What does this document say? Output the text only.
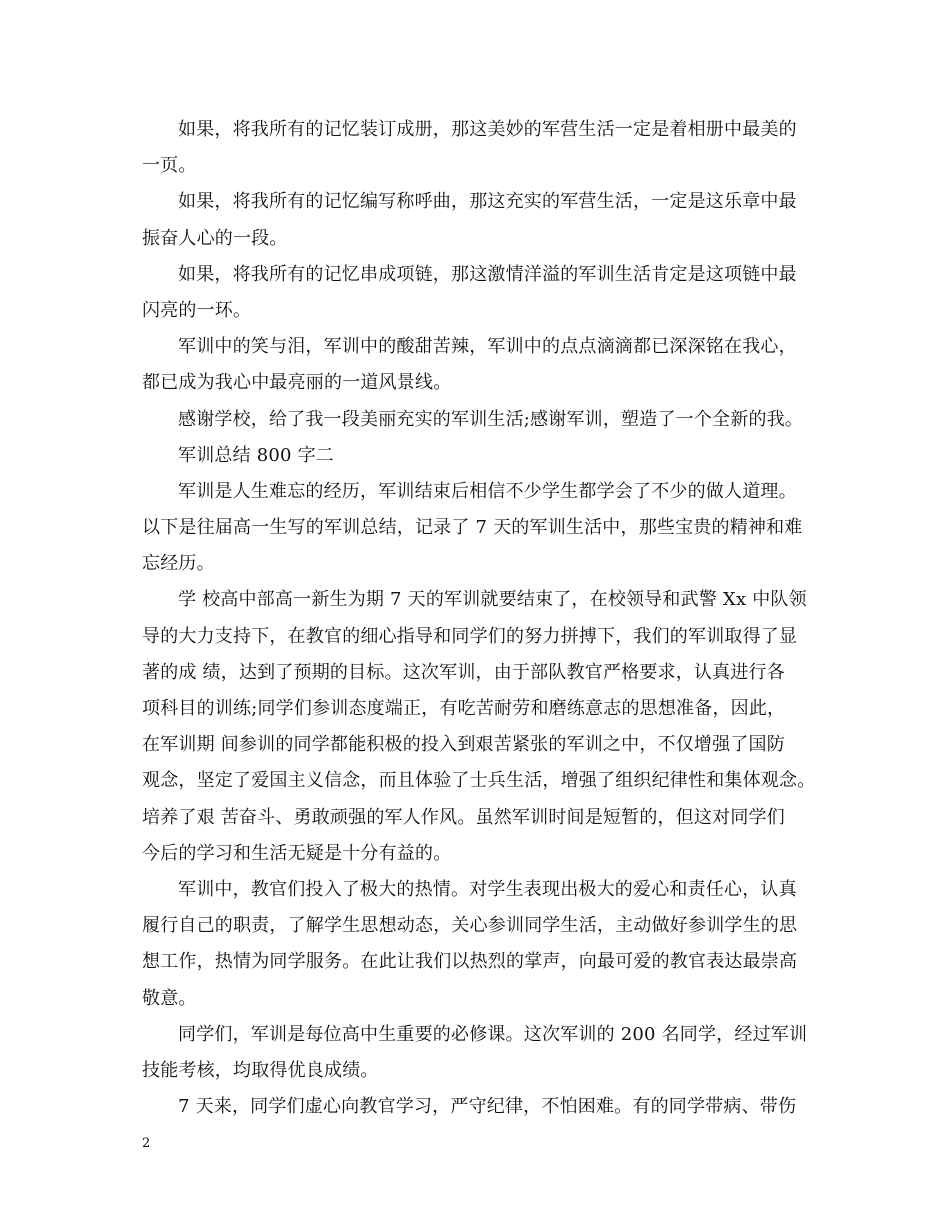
如果，将我所有的记忆装订成册，那这美妙的军营生活一定是着相册中最美的
一页。
如果，将我所有的记忆编写称呼曲，那这充实的军营生活，一定是这乐章中最
振奋人心的一段。
如果，将我所有的记忆串成项链，那这激情洋溢的军训生活肯定是这项链中最
闪亮的一环。
军训中的笑与泪，军训中的酸甜苦辣，军训中的点点滴滴都已深深铭在我心，
都已成为我心中最亮丽的一道风景线。
感谢学校，给了我一段美丽充实的军训生活;感谢军训，塑造了一个全新的我。
军训总结 800 字二
军训是人生难忘的经历，军训结束后相信不少学生都学会了不少的做人道理。
以下是往届高一生写的军训总结，记录了 7 天的军训生活中，那些宝贵的精神和难
忘经历。
学 校高中部高一新生为期 7 天的军训就要结束了，在校领导和武警 Xx 中队领
导的大力支持下，在教官的细心指导和同学们的努力拼搏下，我们的军训取得了显
著的成 绩，达到了预期的目标。这次军训，由于部队教官严格要求，认真进行各
项科目的训练;同学们参训态度端正，有吃苦耐劳和磨练意志的思想准备，因此，
在军训期 间参训的同学都能积极的投入到艰苦紧张的军训之中，不仅增强了国防
观念，坚定了爱国主义信念，而且体验了士兵生活，增强了组织纪律性和集体观念。
培养了艰 苦奋斗、勇敢顽强的军人作风。虽然军训时间是短暂的，但这对同学们
今后的学习和生活无疑是十分有益的。
军训中，教官们投入了极大的热情。对学生表现出极大的爱心和责任心，认真
履行自己的职责，了解学生思想动态，关心参训同学生活，主动做好参训学生的思
想工作，热情为同学服务。在此让我们以热烈的掌声，向最可爱的教官表达最崇高
敬意。
同学们，军训是每位高中生重要的必修课。这次军训的 200 名同学，经过军训
技能考核，均取得优良成绩。
7 天来，同学们虚心向教官学习，严守纪律，不怕困难。有的同学带病、带伤
2
